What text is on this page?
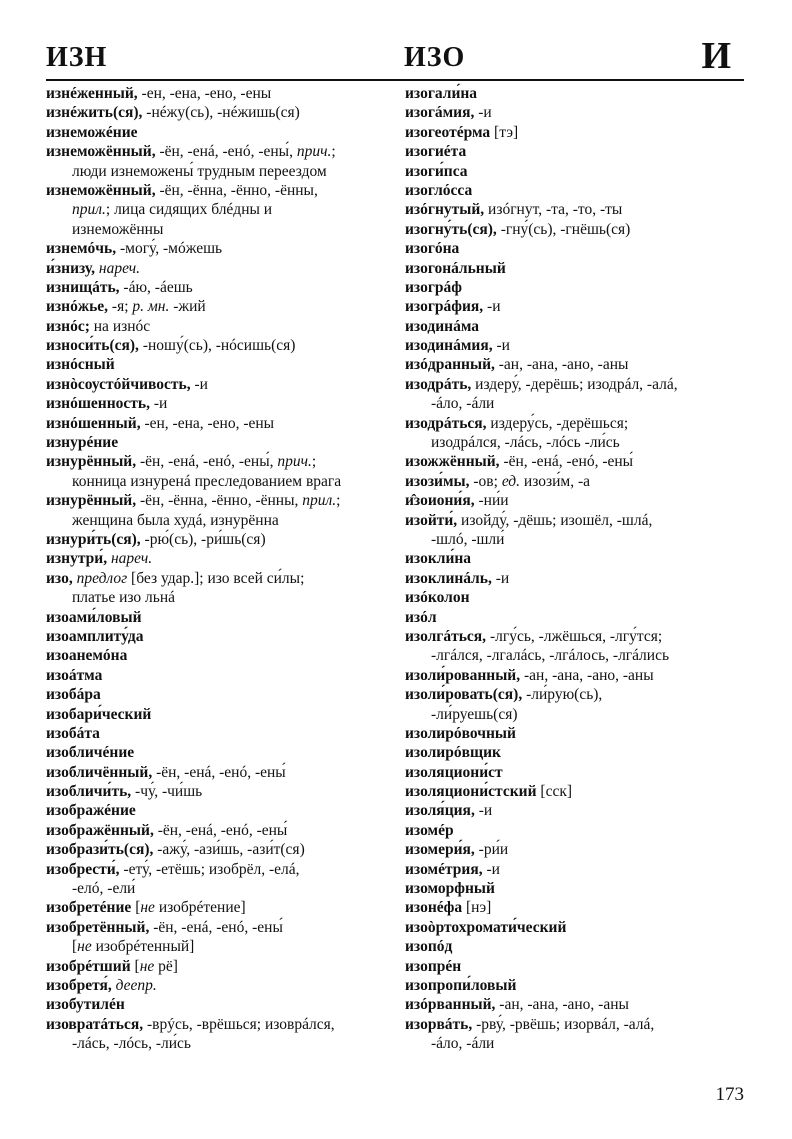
ИЗН	ИЗО	И
изнéженный, -ен, -ена, -ено, -ены
изнéжить(ся), -нéжу(сь), -нéжишь(ся)
изнеможéние
изнеможённый, -ён, -енá, -енó, -ены́, прич.;
люди изнеможены́ трудным переездом
изнеможённый, -ён, -ённа, -ённо, -ённы,
прил.; лица сидящих блéдны и
изнеможённы
изнемóчь, -могу́, -мóжешь
и́знизу, нареч.
изнищáть, -áю, -áешь
изнóжье, -я; р. мн. -жий
изнóс; на изнóс
износи́ть(ся), -ношу́(сь), -нóсишь(ся)
изнóсный
изнòсоустóйчивость, -и
изнóшенность, -и
изнóшенный, -ен, -ена, -ено, -ены
изнурéние
изнурённый, -ён, -енá, -енó, -ены́, прич.;
конница изнуренá преследованием врага
изнурённый, -ён, -ённа, -ённо, -ённы, прил.;
женщина была худá, изнурённа
изнури́ть(ся), -рю́(сь), -ри́шь(ся)
изнутри́, нареч.
изо, предлог [без удар.]; изо всей си́лы;
платье изо льнá
изоами́ловый
изоамплиту́да
изоанемóна
изоáтма
изобáра
изобари́ческий
изобáта
изобличéние
изобличённый, -ён, -енá, -енó, -ены́
изобличи́ть, -чу́, -чи́шь
изображéние
изображённый, -ён, -енá, -енó, -ены́
изобрази́ть(ся), -ажу́, -ази́шь, -ази́т(ся)
изобрести́, -ету́, -етёшь; изобрёл, -елá,
-елó, -ели́
изобретéние [не изобрéтение]
изобретённый, -ён, -енá, -енó, -ены́
[не изобрéтенный]
изобрéтший [не рё]
изобретя́, деепр.
изобутилéн
изовратáться, -врýсь, -врёшься; изоврáлся,
-лáсь, -лóсь, -ли́сь
изогали́на
изогáмия, -и
изогеотéрма [тэ]
изогиéта
изоги́пса
изоглóсса
изóгнутый, изóгнут, -та, -то, -ты
изогну́ть(ся), -гну́(сь), -гнёшь(ся)
изогóна
изогонáльный
изогрáф
изогрáфия, -и
изодинáма
изодинáмия, -и
изóдранный, -ан, -ана, -ано, -аны
изодрáть, издеру́, -дерёшь; изодрáл, -алá,
-áло, -áли
изодрáться, издеру́сь, -дерёшься;
изодрáлся, -лáсь, -лóсь -ли́сь
изожжённый, -ён, -енá, -енó, -ены́
изози́мы, -ов; ед. изози́м, -а
и̂зоиони́я, -ни́и
изойти́, изойду́, -дёшь; изошёл, -шлá,
-шлó, -шли́
изокли́на
изоклинáль, -и
изóколон
изóл
изолгáться, -лгу́сь, -лжёшься, -лгу́тся;
-лгáлся, -лгалáсь, -лгáлось, -лгáлись
изоли́рованный, -ан, -ана, -ано, -аны
изоли́ровать(ся), -ли́рую(сь),
-ли́руешь(ся)
изолирóвочный
изолирóвщик
изоляциони́ст
изоляциони́стский [сск]
изоля́ция, -и
изомéр
изомери́я, -ри́и
изомéтрия, -и
изоморфный
изонéфа [нэ]
изоòртохромати́ческий
изопóд
изопрéн
изопропи́ловый
изóрванный, -ан, -ана, -ано, -аны
изорвáть, -рву́, -рвёшь; изорвáл, -алá,
-áло, -áли
173
